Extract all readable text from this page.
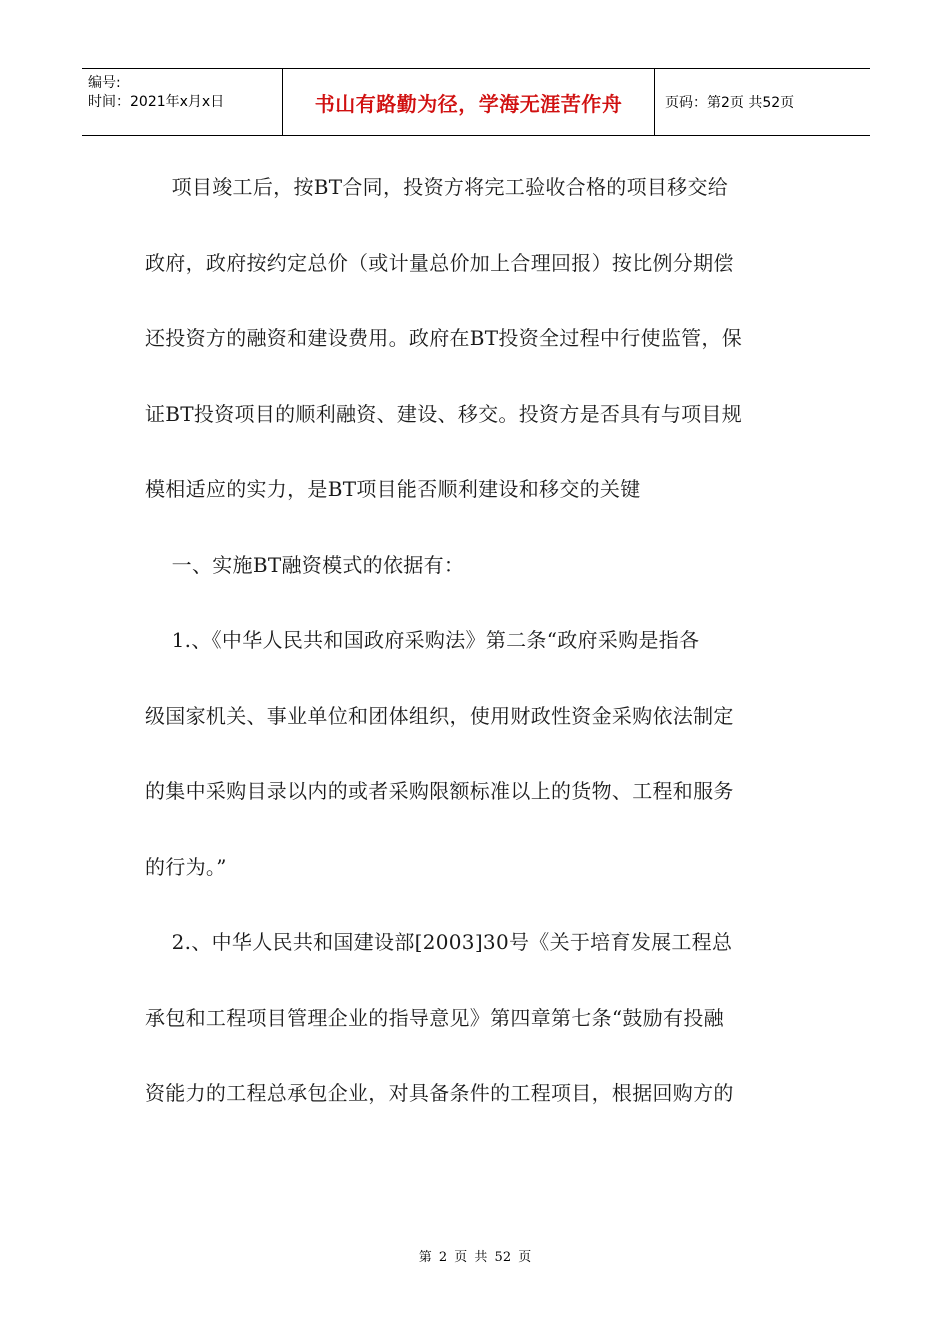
编号:
时间：2021年x月x日	书山有路勤为径，学海无涯苦作舟	页码：第2页 共52页

项目竣工后，按BT合同，投资方将完工验收合格的项目移交给

政府，政府按约定总价（或计量总价加上合理回报）按比例分期偿

还投资方的融资和建设费用。政府在BT投资全过程中行使监管，保

证BT投资项目的顺利融资、建设、移交。投资方是否具有与项目规

模相适应的实力，是BT项目能否顺利建设和移交的关键

一、实施BT融资模式的依据有：

1.、《中华人民共和国政府采购法》第二条“政府采购是指各

级国家机关、事业单位和团体组织，使用财政性资金采购依法制定

的集中采购目录以内的或者采购限额标准以上的货物、工程和服务

的行为。”

2.、中华人民共和国建设部[2003]30号《关于培育发展工程总

承包和工程项目管理企业的指导意见》第四章第七条“鼓励有投融

资能力的工程总承包企业，对具备条件的工程项目，根据回购方的

第 2 页 共 52 页
